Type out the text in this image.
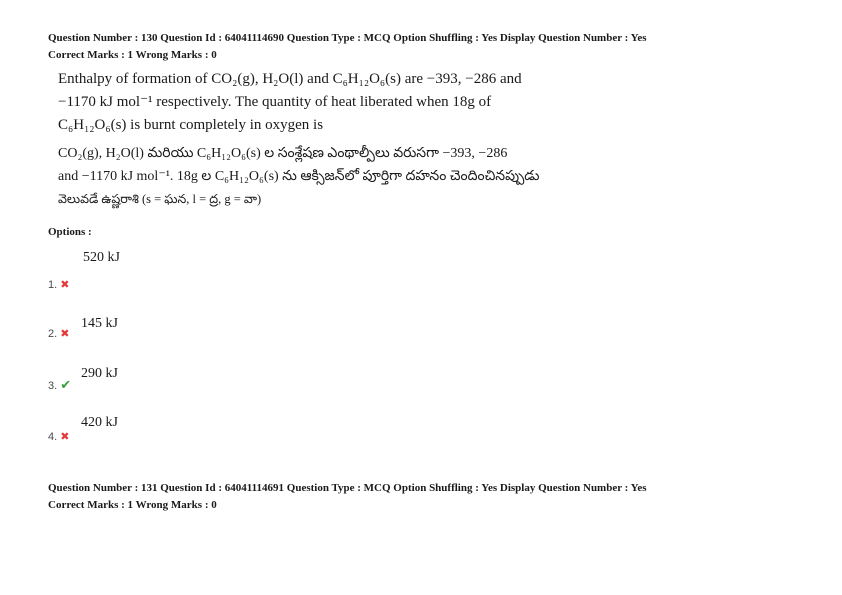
Question Number : 130 Question Id : 64041114690 Question Type : MCQ Option Shuffling : Yes Display Question Number : Yes
Correct Marks : 1 Wrong Marks : 0
Enthalpy of formation of CO₂(g), H₂O(l) and C₆H₁₂O₆(s) are −393, −286 and
−1170 kJ mol⁻¹ respectively. The quantity of heat liberated when 18g of
C₆H₁₂O₆(s) is burnt completely in oxygen is
CO₂(g), H₂O(l) మరియు C₆H₁₂O₆(s) ల సంశ్లేషణ ఎంథాల్పీలు వరుసగా −393, −286
and −1170 kJ mol⁻¹. 18g ల C₆H₁₂O₆(s) ను ఆక్సిజన్‌లో పూర్తిగా దహనం చెందించినప్పుడు
వెలువడే ఉష్ణరాశి (s = ఘన, l = ద్ర, g = వా)
Options :
520 kJ
1. ✖
145 kJ
2. ✖
290 kJ
3. ✔
420 kJ
4. ✖
Question Number : 131 Question Id : 64041114691 Question Type : MCQ Option Shuffling : Yes Display Question Number : Yes
Correct Marks : 1 Wrong Marks : 0
